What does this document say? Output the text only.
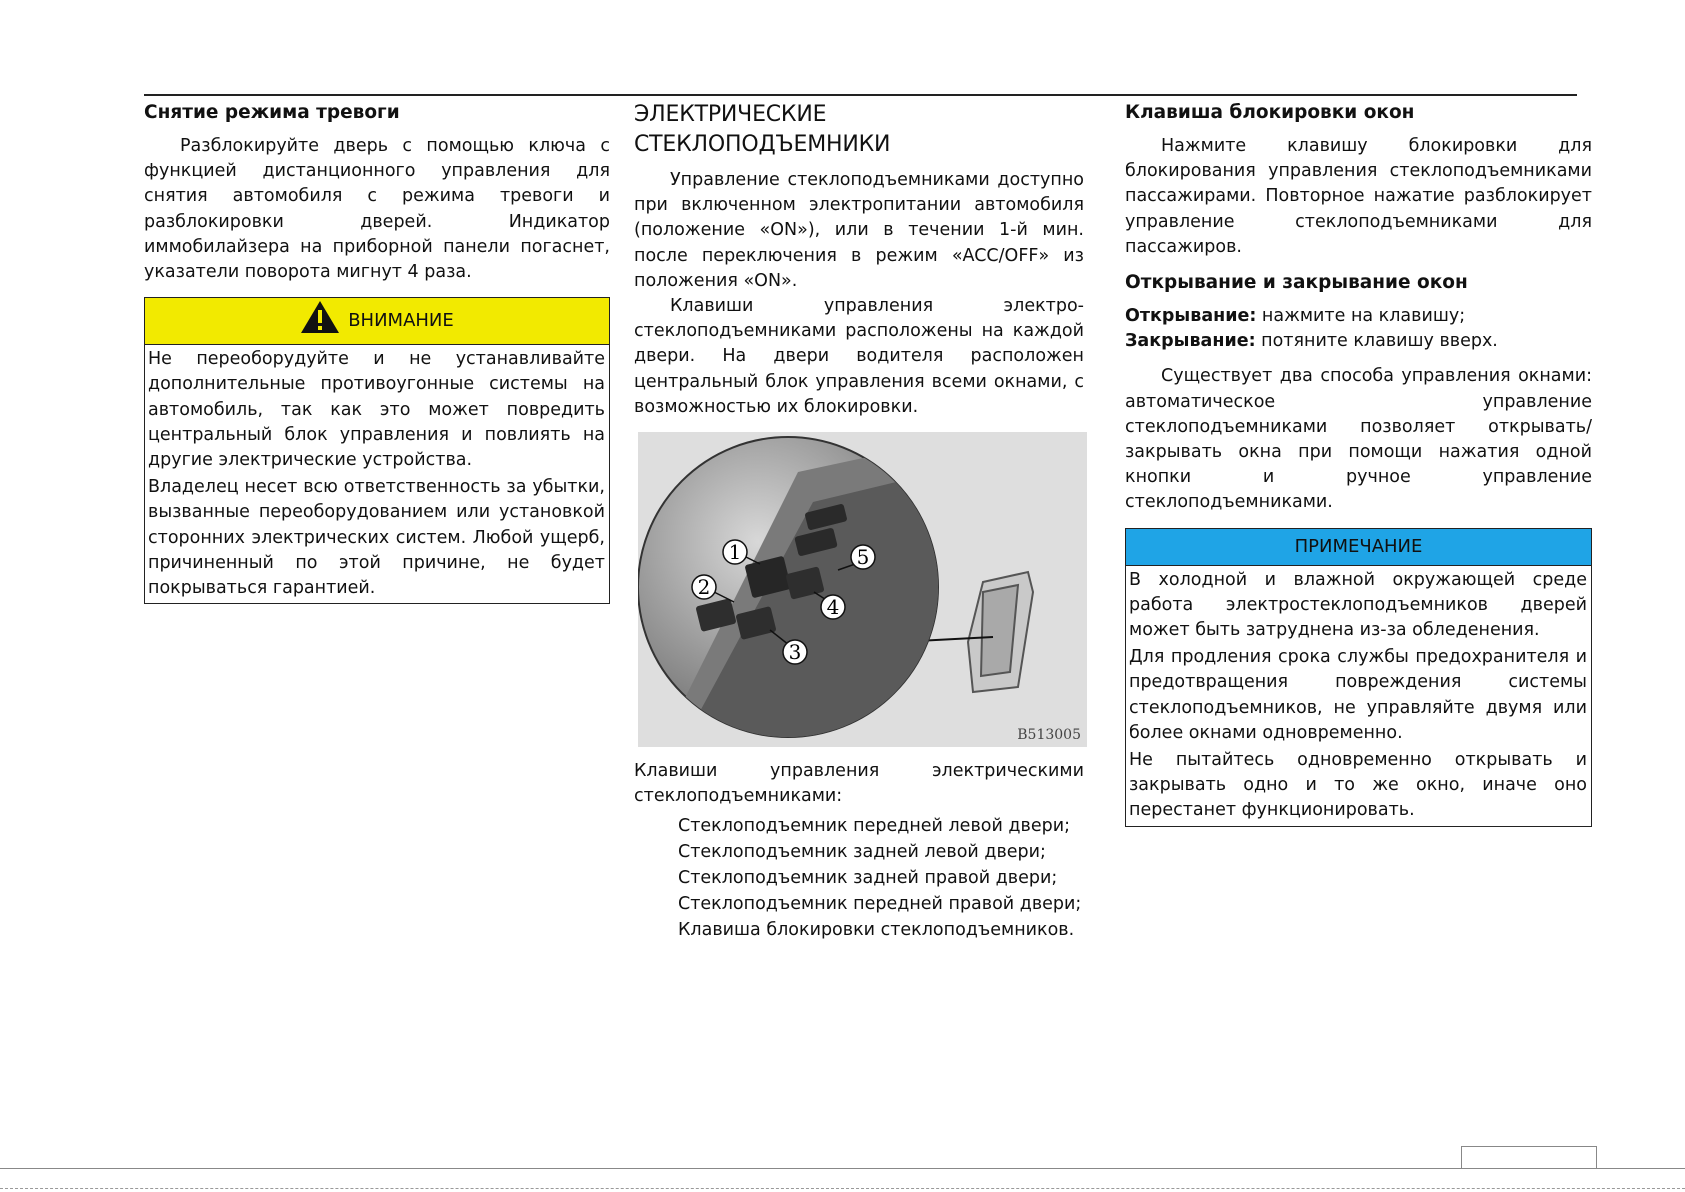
Снятие режима тревоги

Разблокируйте дверь с помощью ключа с функцией дистанционного управления для снятия автомобиля с режима тревоги и разблокировки дверей. Индикатор иммобилайзера на приборной панели погаснет, указатели поворота мигнут 4 раза.

ВНИМАНИЕ

Не переоборудуйте и не устанавливайте дополнительные противоугонные системы на автомобиль, так как это может повредить центральный блок управления и повлиять на другие электрические устройства.

Владелец несет всю ответственность за убытки, вызванные переоборудованием или установкой сторонних электрических систем. Любой ущерб, причиненный по этой причине, не будет покрываться гарантией.

ЭЛЕКТРИЧЕСКИЕ СТЕКЛОПОДЪЕМНИКИ

Управление стеклоподъемниками доступно при включенном электропитании автомобиля (положение «ON»), или в течении 1-й мин. после переключения в режим «ACC/OFF» из положения «ON».

Клавиши управления электро-стеклоподъемниками расположены на каждой двери. На двери водителя расположен центральный блок управления всеми окнами, с возможностью их блокировки.

1
2
3
4
5
B513005

Клавиши управления электрическими стеклоподъемниками:

Стеклоподъемник передней левой двери;
Стеклоподъемник задней левой двери;
Стеклоподъемник задней правой двери;
Стеклоподъемник передней правой двери;
Клавиша блокировки стеклоподъемников.
Клавиша блокировки окон

Нажмите клавишу блокировки для блокирования управления стеклоподъемниками пассажирами. Повторное нажатие разблокирует управление стеклоподъемниками для пассажиров.

Открывание и закрывание окон

Открывание: нажмите на клавишу;

Закрывание: потяните клавишу вверх.

Существует два способа управления окнами: автоматическое управление стеклоподъемниками позволяет открывать/закрывать окна при помощи нажатия одной кнопки и ручное управление стеклоподъемниками.

ПРИМЕЧАНИЕ

В холодной и влажной окружающей среде работа электростеклоподъемников дверей может быть затруднена из-за обледенения.

Для продления срока службы предохранителя и предотвращения повреждения системы стеклоподъемников, не управляйте двумя или более окнами одновременно.

Не пытайтесь одновременно открывать и закрывать одно и то же окно, иначе оно перестанет функционировать.
